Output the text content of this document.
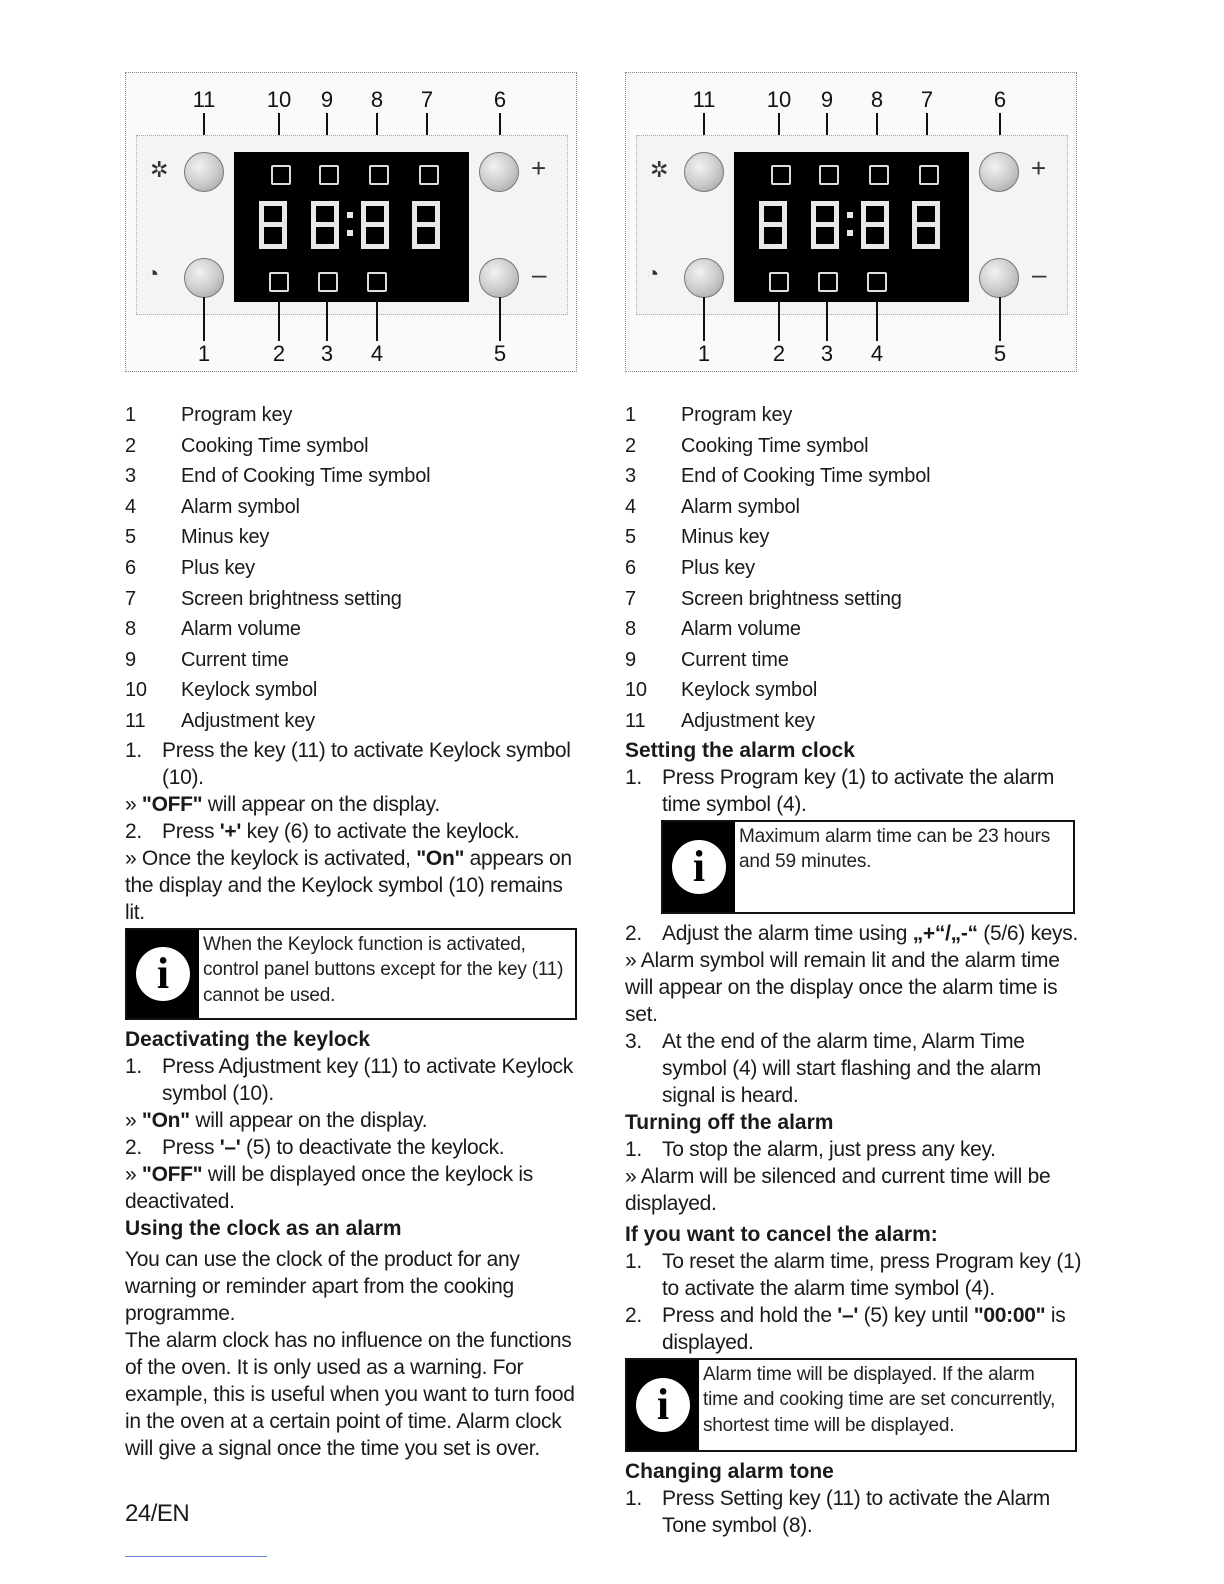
11 10 9 8 7	6
✲
◔
+
–
1	2 3 4	5
1	Program key
2	Cooking Time symbol
3	End of Cooking Time symbol
4	Alarm symbol
5	Minus key
6	Plus key
7	Screen brightness setting
8	Alarm volume
9	Current time
10	Keylock symbol
11	Adjustment key
1. Press the key (11) to activate Keylock symbol (10).
» "OFF" will appear on the display.
2. Press '+' key (6) to activate the keylock.
» Once the keylock is activated, "On" appears on the display and the Keylock symbol (10) remains lit.
i
When the Keylock function is activated, control panel buttons except for the key (11) cannot be used.

Deactivating the keylock

1. Press Adjustment key (11) to activate Keylock symbol (10).
» "On" will appear on the display.
2. Press '–' (5) to deactivate the keylock.
» "OFF" will be displayed once the keylock is deactivated.

Using the clock as an alarm

You can use the clock of the product for any warning or reminder apart from the cooking programme.

The alarm clock has no influence on the functions of the oven. It is only used as a warning. For example, this is useful when you want to turn food in the oven at a certain point of time. Alarm clock will give a signal once the time you set is over.

11 10 9 8 7	6
✲
◔
+
–
1	2 3 4	5
1	Program key
2	Cooking Time symbol
3	End of Cooking Time symbol
4	Alarm symbol
5	Minus key
6	Plus key
7	Screen brightness setting
8	Alarm volume
9	Current time
10	Keylock symbol
11	Adjustment key

Setting the alarm clock

1. Press Program key (1) to activate the alarm time symbol (4).
i
Maximum alarm time can be 23 hours and 59 minutes.
2. Adjust the alarm time using „+“/„-“ (5/6) keys.
» Alarm symbol will remain lit and the alarm time will appear on the display once the alarm time is set.
3. At the end of the alarm time, Alarm Time symbol (4) will start flashing and the alarm signal is heard.

Turning off the alarm

1. To stop the alarm, just press any key.
» Alarm will be silenced and current time will be displayed.

If you want to cancel the alarm:

1. To reset the alarm time, press Program key (1) to activate the alarm time symbol (4).
2. Press and hold the '–' (5) key until "00:00" is displayed.
i
Alarm time will be displayed. If the alarm time and cooking time are set concurrently, shortest time will be displayed.

Changing alarm tone

1. Press Setting key (11) to activate the Alarm Tone symbol (8).
24/EN
